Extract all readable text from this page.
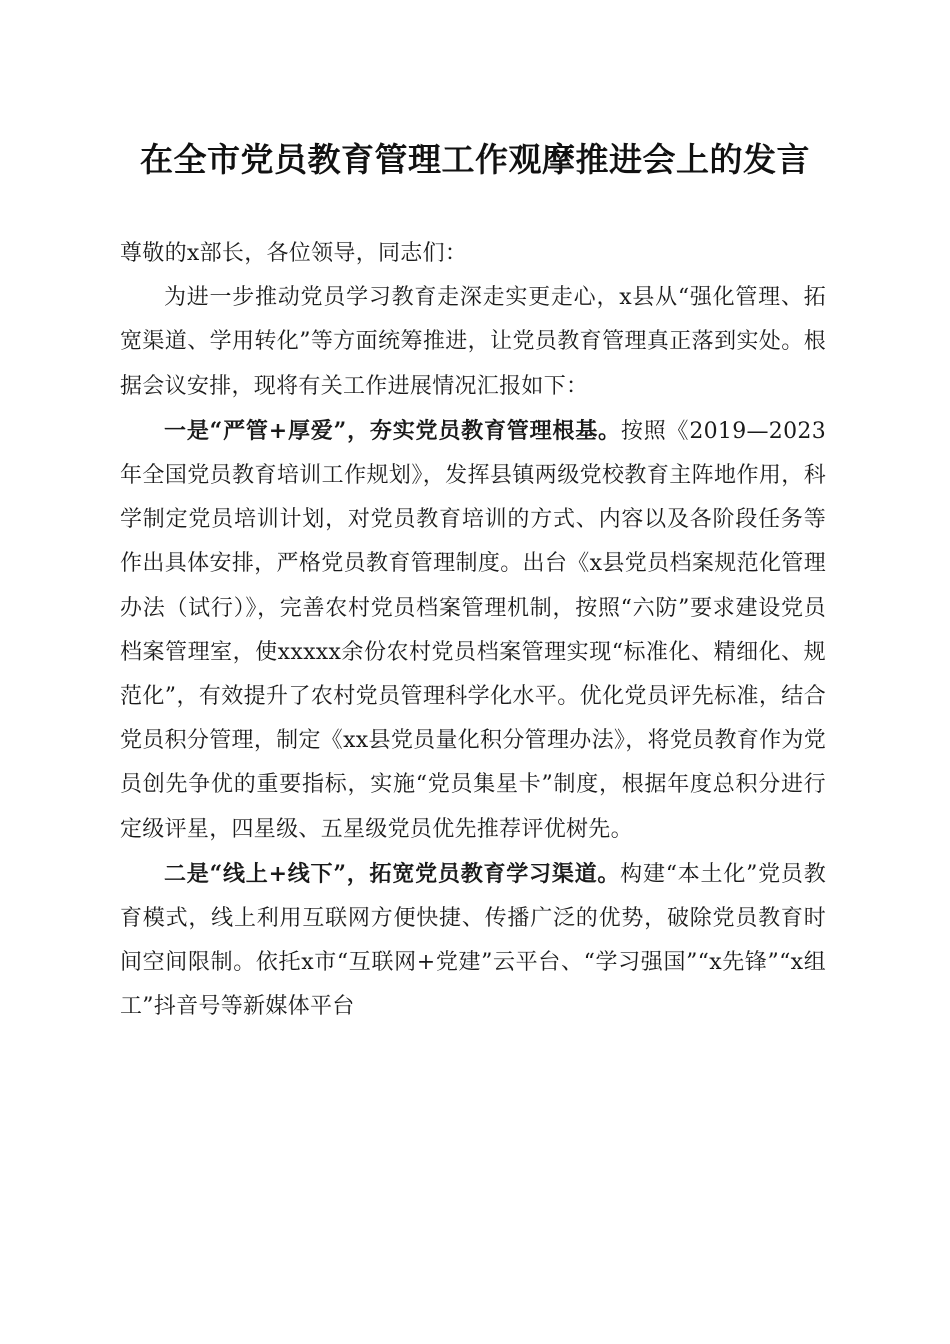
在全市党员教育管理工作观摩推进会上的发言

尊敬的x部长，各位领导，同志们：

为进一步推动党员学习教育走深走实更走心，x县从“强化管理、拓宽渠道、学用转化”等方面统筹推进，让党员教育管理真正落到实处。根据会议安排，现将有关工作进展情况汇报如下：

一是“严管+厚爱”，夯实党员教育管理根基。按照《2019—2023年全国党员教育培训工作规划》，发挥县镇两级党校教育主阵地作用，科学制定党员培训计划，对党员教育培训的方式、内容以及各阶段任务等作出具体安排，严格党员教育管理制度。出台《x县党员档案规范化管理办法（试行）》，完善农村党员档案管理机制，按照“六防”要求建设党员档案管理室，使xxxxx余份农村党员档案管理实现“标准化、精细化、规范化”，有效提升了农村党员管理科学化水平。优化党员评先标准，结合党员积分管理，制定《xx县党员量化积分管理办法》，将党员教育作为党员创先争优的重要指标，实施“党员集星卡”制度，根据年度总积分进行定级评星，四星级、五星级党员优先推荐评优树先。

二是“线上+线下”，拓宽党员教育学习渠道。构建“本土化”党员教育模式，线上利用互联网方便快捷、传播广泛的优势，破除党员教育时间空间限制。依托x市“互联网+党建”云平台、“学习强国”“x先锋”“x组工”抖音号等新媒体平台
